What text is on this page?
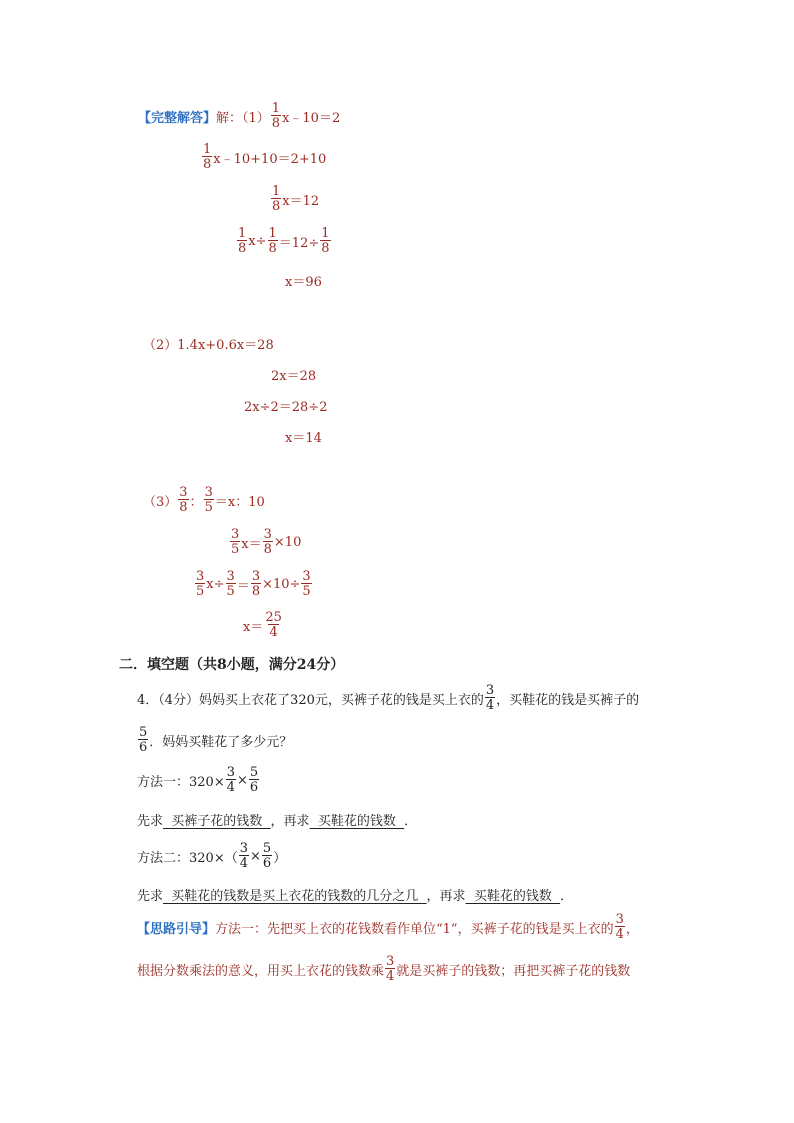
【完整解答】 解：$(1) \frac{1}{8}$ x﹣10＝2
$\frac{1}{8}$ x﹣10+10＝2+10
$\frac{1}{8} x=12$
$\frac{1}{8} x\div \frac{1}{8} =12\div \frac{1}{8}$
x＝96
（2）1.4x+0.6x＝28
2x＝28
2x÷2＝28÷2
x＝14
$(3) \frac{3}{8}$ ： $\frac{3}{5} =x$：10
$\frac{3}{5} x= \frac{3}{8} \times 10$
$\frac{3}{5} x\div \frac{3}{5} = \frac{3}{8} \times 10\div \frac{3}{5}$
$x= \frac{25}{4}$
二．填空题（共8小题，满分24分）
4．（4分）妈妈买上衣花了320元，买裤子花的钱是买上衣的 $\frac{3}{4}$ ，买鞋花的钱是买裤子的
$\frac{5}{6}$ ．妈妈买鞋花了多少元？
方法一：$320\times \frac{3}{4} \times \frac{5}{6}$
先求  买裤子花的钱数  ，再求  买鞋花的钱数  ．
方法二：$320\times( \frac{3}{4} \times \frac{5}{6}$ ）
先求  买鞋花的钱数是买上衣花的钱数的几分之几  ，再求  买鞋花的钱数  ．
【思路引导】 方法一：先把买上衣的花钱数看作单位“1”，买裤子花的钱是买上衣的 $\frac{3}{4}$ ，
根据分数乘法的意义，用买上衣花的钱数乘 $\frac{3}{4}$ 就是买裤子的钱数；再把买裤子花的钱数
